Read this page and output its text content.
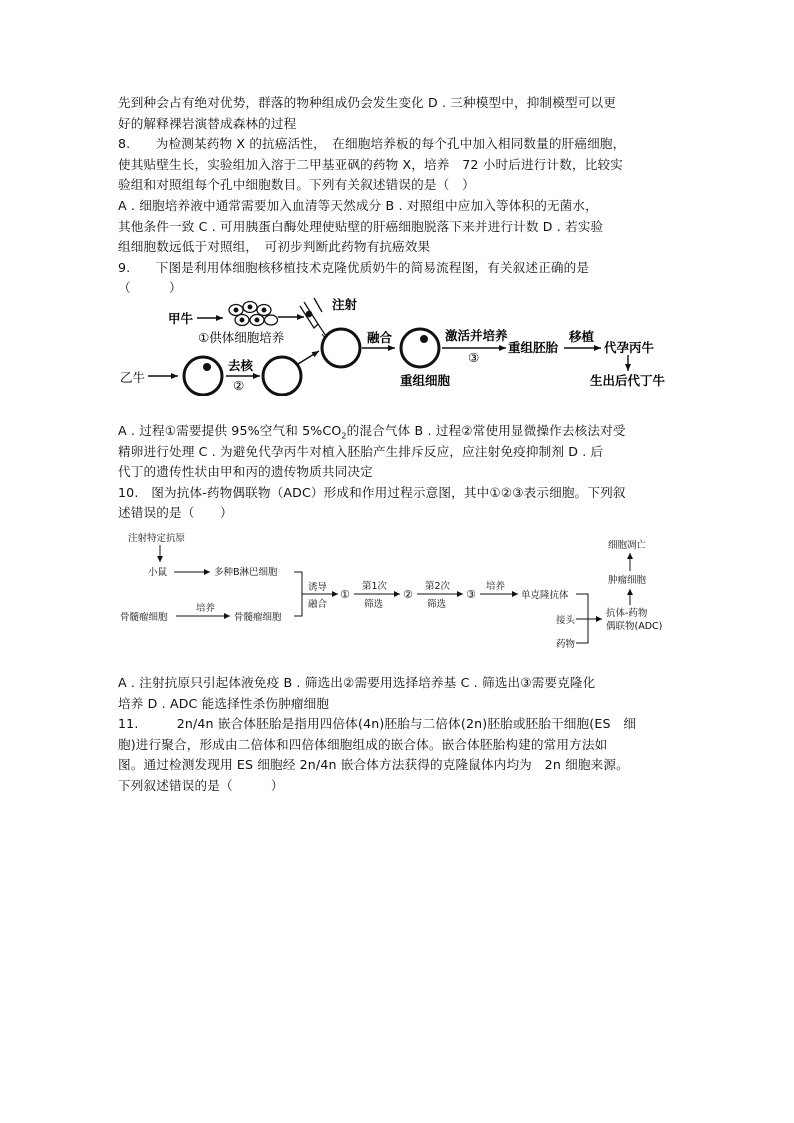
先到种会占有绝对优势，群落的物种组成仍会发生变化 D . 三种模型中，抑制模型可以更
好的解释裸岩演替成森林的过程
8.　　为检测某药物 X 的抗癌活性，　在细胞培养板的每个孔中加入相同数量的肝癌细胞，
使其贴壁生长，实验组加入溶于二甲基亚砜的药物 X，培养　72 小时后进行计数，比较实
验组和对照组每个孔中细胞数目。下列有关叙述错误的是（　）
A . 细胞培养液中通常需要加入血清等天然成分 B . 对照组中应加入等体积的无菌水，
其他条件一致 C . 可用胰蛋白酶处理使贴壁的肝癌细胞脱落下来并进行计数 D . 若实验
组细胞数远低于对照组，　可初步判断此药物有抗癌效果
9.　　下图是利用体细胞核移植技术克隆优质奶牛的简易流程图，有关叙述正确的是
（　　　）
甲牛
①供体细胞培养
注射
乙牛
去核
②
融合
重组细胞
激活并培养
③
重组胚胎
移植
代孕丙牛
生出后代丁牛
A . 过程①需要提供 95%空气和 $5\%CO_2$的混合气体 B . 过程②常使用显微操作去核法对受
精卵进行处理 C . 为避免代孕丙牛对植入胚胎产生排斥反应，应注射免疫抑制剂 D . 后
代丁的遗传性状由甲和丙的遗传物质共同决定
10.　图为抗体-药物偶联物（ADC）形成和作用过程示意图，其中①②③表示细胞。下列叙
述错误的是（　　）
注射特定抗原
小鼠	多种B淋巴细胞
骨髓瘤细胞
培养
骨髓瘤细胞
诱导
融合
①
第1次
筛选
②
第2次
筛选
③
培养
单克隆抗体
接头
药物
抗体-药物
偶联物(ADC)
肿瘤细胞
细胞凋亡
A . 注射抗原只引起体液免疫 B . 筛选出②需要用选择培养基 C . 筛选出③需要克隆化
培养 D . ADC 能选择性杀伤肿瘤细胞
11.　　　2n/4n 嵌合体胚胎是指用四倍体(4n)胚胎与二倍体(2n)胚胎或胚胎干细胞(ES　细
胞)进行聚合，形成由二倍体和四倍体细胞组成的嵌合体。嵌合体胚胎构建的常用方法如
图。通过检测发现用 ES 细胞经 2n/4n 嵌合体方法获得的克隆鼠体内均为　2n 细胞来源。
下列叙述错误的是（　　　）
